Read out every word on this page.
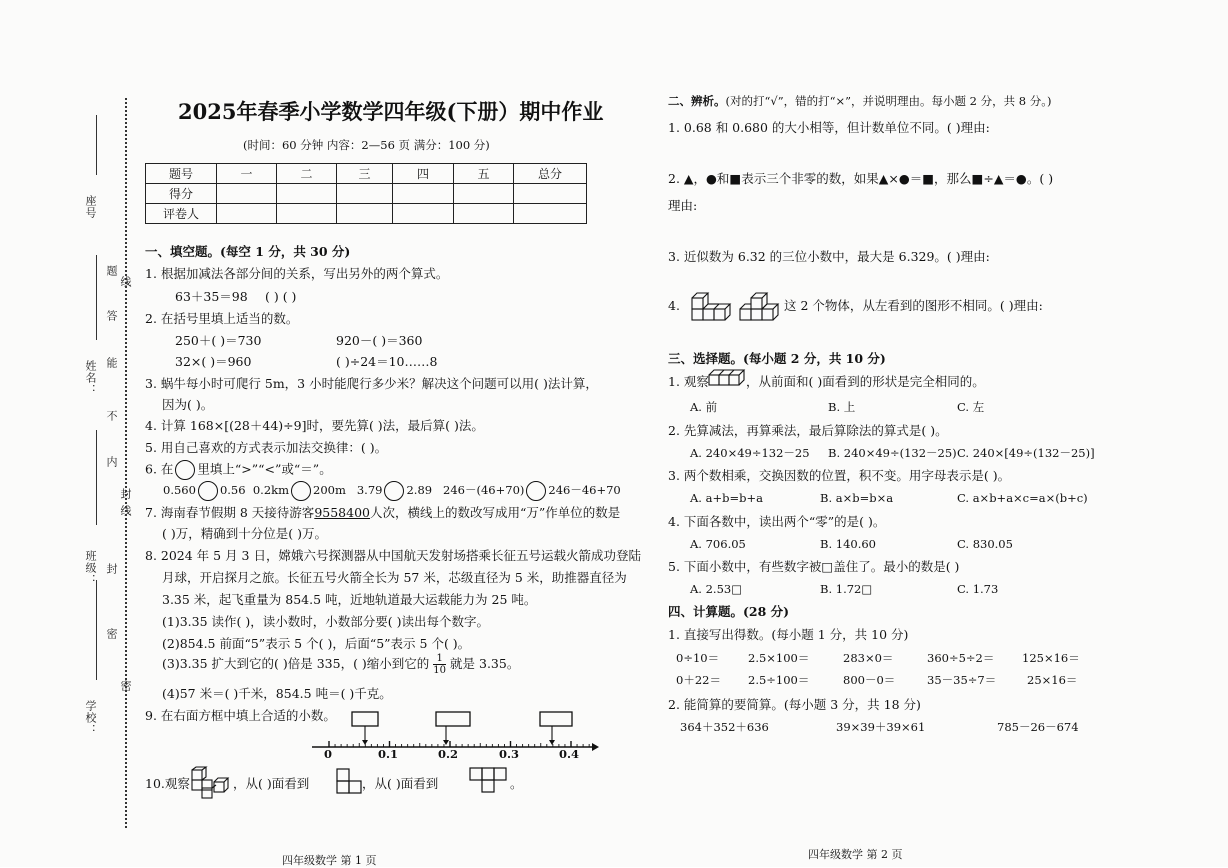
座号
姓名：
班级：
学校：
题
答
能
不
内
封
密
线
封
线
密
2025年春季小学数学四年级(下册）期中作业
(时间：60 分钟 内容：2—56 页 满分：100 分)
题号	一	二	三	四	五	总分
得分						
评卷人						
一、填空题。(每空 1 分，共 30 分)
1. 根据加减法各部分间的关系，写出另外的两个算式。
63＋35＝98 ( ) ( )
2. 在括号里填上适当的数。
250＋( )＝730	920－( )＝360
32×( )＝960	( )÷24＝10……8
3. 蜗牛每小时可爬行 5m，3 小时能爬行多少米？解决这个问题可以用( )法计算，
因为( )。
4. 计算 168×[(28＋44)÷9]时，要先算( )法，最后算( )法。
5. 用自己喜欢的方式表示加法交换律：( )。
6. 在 里填上“>”“<”或“＝”。
0.560 0.56 0.2km 200m 3.79 2.89 246－(46+70) 246－46+70
7. 海南春节假期 8 天接待游客9558400人次，横线上的数改写成用“万”作单位的数是
( )万，精确到十分位是( )万。
8. 2024 年 5 月 3 日，嫦娥六号探测器从中国航天发射场搭乘长征五号运载火箭成功登陆
月球，开启探月之旅。长征五号火箭全长为 57 米，芯级直径为 5 米，助推器直径为
3.35 米，起飞重量为 854.5 吨，近地轨道最大运载能力为 25 吨。
(1)3.35 读作( )，读小数时，小数部分要( )读出每个数字。
(2)854.5 前面“5”表示 5 个( )，后面“5”表示 5 个( )。
(3)3.35 扩大到它的( )倍是 335，( )缩小到它的 $\frac{1}{10}$ 就是 3.35。
(4)57 米＝( )千米，854.5 吨＝( )千克。
9. 在右面方框中填上合适的小数。
0	0.1	0.2	0.3	0.4
10.观察	，从( )面看到	，从( )面看到	。
四年级数学 第 1 页
二、辨析。(对的打“√”，错的打“×”，并说明理由。每小题 2 分，共 8 分。)
1. 0.68 和 0.680 的大小相等，但计数单位不同。( )理由:
2. ▲，●和■表示三个非零的数，如果▲×●＝■，那么■÷▲＝●。( )
理由:
3. 近似数为 6.32 的三位小数中，最大是 6.329。( )理由:
4.	这 2 个物体，从左看到的图形不相同。( )理由:
三、选择题。(每小题 2 分，共 10 分)
1. 观察	，从前面和( )面看到的形状是完全相同的。
A. 前	B. 上	C. 左
2. 先算减法，再算乘法，最后算除法的算式是( )。
A. 240×49÷132－25 B. 240×49÷(132－25) C. 240×[49÷(132－25)]
3. 两个数相乘，交换因数的位置，积不变。用字母表示是( )。
A. a+b=b+a	B. a×b=b×a	C. a×b+a×c=a×(b+c)
4. 下面各数中，读出两个“零”的是( )。
A. 706.05	B. 140.60	C. 830.05
5. 下面小数中，有些数字被□盖住了。最小的数是( )
A. 2.53□	B. 1.72□	C. 1.73
四、计算题。(28 分)
1. 直接写出得数。(每小题 1 分，共 10 分)
0÷10＝	2.5×100＝	283×0＝	360÷5÷2＝ 125×16＝
0＋22＝ 2.5÷100＝	800－0＝	35－35÷7＝	25×16＝
2. 能简算的要简算。(每小题 3 分，共 18 分)
364＋352＋636	39×39＋39×61	785－26－674
四年级数学 第 2 页
